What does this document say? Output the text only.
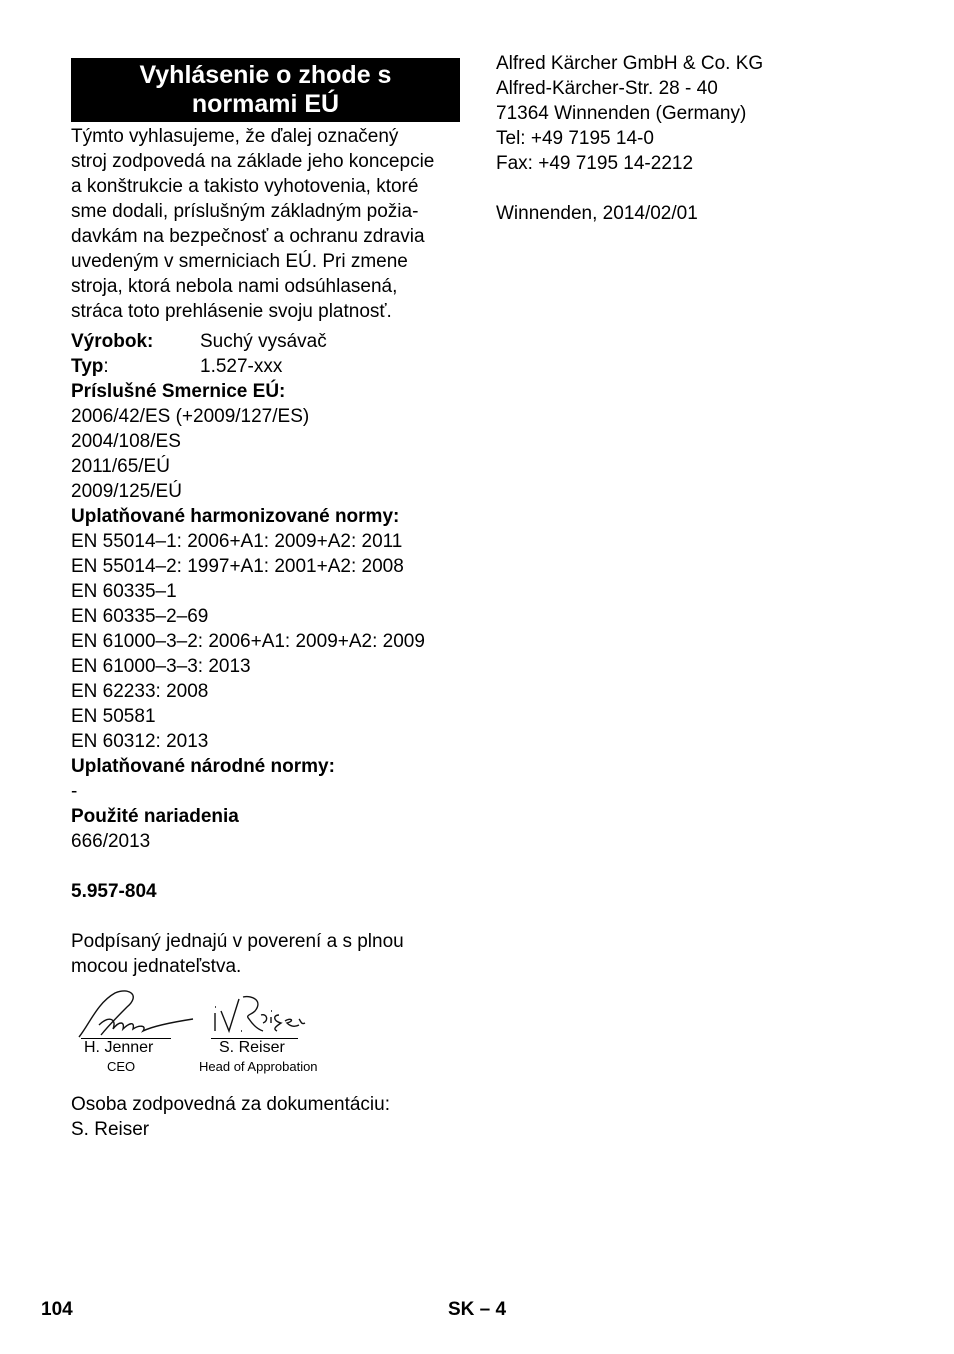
Vyhlásenie o zhode s
normami EÚ

Týmto vyhlasujeme, že ďalej označený
stroj zodpovedá na základe jeho koncepcie
a konštrukcie a takisto vyhotovenia, ktoré
sme dodali, príslušným základným požia-
davkám na bezpečnosť a ochranu zdravia
uvedeným v smerniciach EÚ. Pri zmene
stroja, ktorá nebola nami odsúhlasená,
stráca toto prehlásenie svoju platnosť.

Výrobok:	Suchý vysávač
Typ:	1.527-xxx

Príslušné Smernice EÚ:

2006/42/ES (+2009/127/ES)

2004/108/ES

2011/65/EÚ

2009/125/EÚ

Uplatňované harmonizované normy:

EN 55014–1: 2006+A1: 2009+A2: 2011

EN 55014–2: 1997+A1: 2001+A2: 2008

EN 60335–1

EN 60335–2–69

EN 61000–3–2: 2006+A1: 2009+A2: 2009

EN 61000–3–3: 2013

EN 62233: 2008

EN 50581

EN 60312: 2013

Uplatňované národné normy:

-

Použité nariadenia

666/2013

5.957-804

Podpísaný jednajú v poverení a s plnou

mocou jednateľstva.

H. Jenner
CEO
S. Reiser
Head of Approbation

Osoba zodpovedná za dokumentáciu:

S. Reiser

Alfred Kärcher GmbH & Co. KG

Alfred-Kärcher-Str. 28 - 40

71364 Winnenden (Germany)

Tel: +49 7195 14-0

Fax: +49 7195 14-2212

Winnenden, 2014/02/01

104	SK – 4
